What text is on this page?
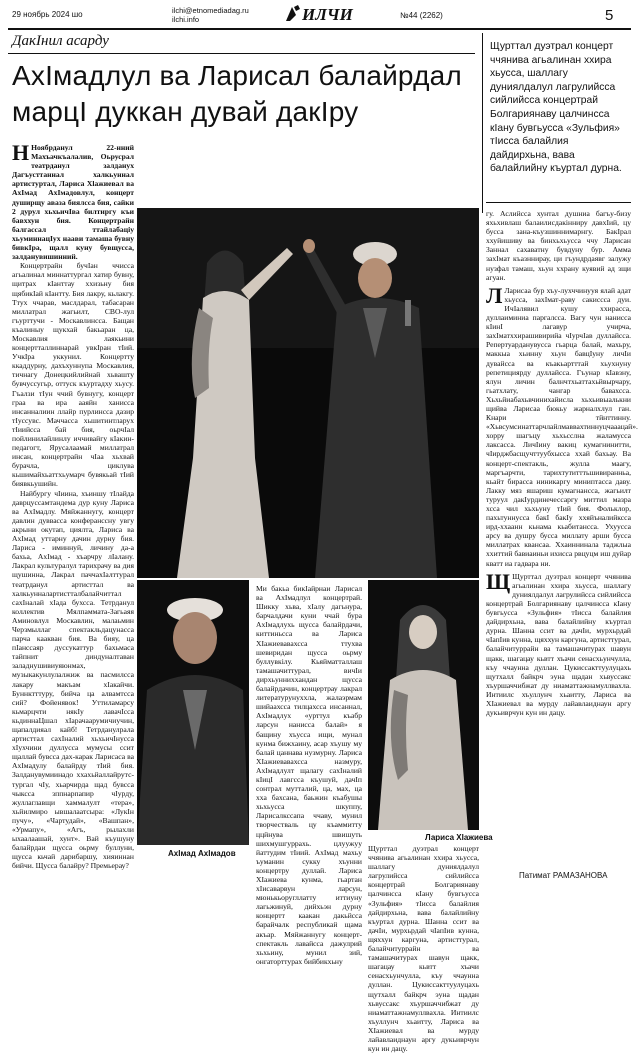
29 ноябрь 2024 шо	ilchi@etnomediadag.ru
ilchi.info	ИЛЧИ	№44 (2262)	5
ДакIнил асарду
АхIмадлул ва Ларисал балайрдал марцI дуккан дувай дакIру
Щурттал дуэтрал концерт ччянива агьалинан ххира хьусса, шаллагу дуниялдалул лагрулийсса сийлийсса концертрай Болгариянаву цалчинсса кIану бувгьусса «Зульфия» тIисса балайлия дайдирхьна, вава балайлийну къуртал дурна.

Н Ноябрданул 22-нний Махъачкъалалив, Оьрусрал театрданул залданух Дагъусттаннал халкьуннал артистуртал, Лариса Хlажиевал ва АхIмад АхIмадовлул, концерт душирщу аваза биялсса бия, сайки 2 дурул хьхьичIва билтиргу къи бавххун бия. Концертрайн балгассал ттайлабацiу хьуминнацIух наави тамаша бувну бивкIра, щалл куну бувщусса, залданувишинний.

Концертрайн бучIан ччисса агьалинал миннаттургал хатир бувну, щитрах кIанттау ххизьну бия щябикIай кIантту. Бия лакру, кьлакгу. Ттух ччарав, маслдарал, табасаран миллатрал жагьилт, СВО-лул гъурттучи - Москавлинсса. Бащан къалиныу щукхай бакьаран ца, Москавлия лаякьини концертталлиннарай увкIран тIий. УчкIра уккунил. Концертту ккаддурну, дахъхуннупа Москавлия, тичнагу Донецкийлийнай хьвашту бувчуссугьр, оттуск къуртадху хьусу. Гъалзи тIун ччий бувнугу, концерт граа ва ира ааяйн ханисса инсанналиин ллайр пурлинсса дазир тIуссувс. Маччасса хьшитинтларух тIиийсса бай бия, оьрчIал пойлинилайлинлу иччивайгу кIакин-педагогт, Ярусалаамай миллатрал инсан, концертрайн чIаа хьхвай бурачла, циклува кьшимайхьаттхьумарч бувякьай тIий биявкьушийн.

Найбургу чIиина, хъиншу тIлайда даврцуссамтандема дур куну Лариса ва АхIмадлу. Мяйжаннугу, концерт давлин дуввасса конферанссну увгу акрыни окутап, циялта, Лариса ва АхIмад уттарну дачин дурну бия. Лариса - иминнуй, личину да-а бахьа, АхIмад - хъарчру лIалану. Лакрал культуралул тарихрачу ва дия щушинна, Лакрал паччахIалттурал театрданул артисттал ва халкьунналартистталбалайчиттал сахIналай хIада бухсса. Тетрданул коллектив Мялпаммата-Загьаяя Аминовлул Москавлин, малаьмин Черзмыллаг спектакльдацунасса парча каакван бия. Ва бияу, ца пIанссаяр дуссукаттур бахьмаса тайпнит диндуналтаван заладнушивиуяюнмах, музыкакунлулалжиж ва пасмилсса лакару макъам хIакайчи. Буннктттуру, бийча ца алвамтсса сий? Фойенявок! Уттиламарсу кьмарцчти някIу лавачIсса кьдиннаЦшал хIарачаарумичиучин, щапалдияал кайб! Тетрданулрала артисттал сахIналий хьхьичIнусса хIухчини дуллусса мумусы ссит щаллай бувсса дах-карак Ларисаса ва АхIмадулу балайрду тIий бия. Залданувумиинадо ххахьйаллайрутс- тургал чIу, хьарчирда щад бувсса чыксса зппнарпапир чIурду, жуллаглавщи хаммалулт «тера», хьйилмиро ывшалаатсыра: «ЛукIн пучу», «Чартудай», «Вашпан», «Урмапу», «Агъ, рылахли ыхаалаашай, хунт». Вай къушуну балайрдаи щусса оьрму буллуни, щусса кьчай дарибаршу, хияиннан бийчи. Щусса балайру? Премьерау?

АхIмад АхIмадов

Ми бакьа бикIайрнаи Ларисал ва АхIмадлул концертрай. Шикку хьва, хIалу дагьнура, барчалдачи куни ччай бура АхIмадлухь щусса балайрдачи, киттиньсса ва Лариса ХIажиевавахсса ттухва шевиридан щусса оьрму буллувкілу. Кьяйматталлаш тамашачиттурал, вичIи дирхьунниххандан щусса балайрдачин, концертрау лакрал литературунуххла, жалаэрмам шийаахсса тилцахсса инсаннал, АхIмадлух «урттул къабр ларсун нанисса балай» я бащину хъусса ищи, мунал кунма бижхаину, асар хъушу му балай цаннава нузмурну. Лариса ХIажиевавахсса назмуру, АхIмадлулт щалагу сахIналий кIицI лавгсса къушуй, дачIп сонтрал мутталий, ца, мах, ца хха бахсана, баьжин къабушы хьхьусса шкуппу, Ларисалкссапа ччаву, мунил творчестваль цу къаммитту ццйнува швишуть шихмушгуррахь. цлуужуу йаттудим тIиий. АхIмад махьу ъуманин сукку хъунни концертру дуллай. Лариса ХIажиева кунма, гьартан хIисаварвун ларсун, мюнькьоругллатту иттиуну лагьжинуй, дийхьэн дурну концертт каакан дакьйсса барайчалк республикай щама акъар. Мяйжаннугу концерт-спектакль лавайсса дажулрий хьхьину, мунил зий, онгаторттурах бийбикхьну

Лариса ХIажиева

Щурттал дуэтрал концерт ччянива агьалинан ххира хьусса, шаллагу дуниялдалул лагрулийсса сийлийсса концертрай Болгариянаву цалчинсса кIану бувгьусса «Зульфия» тIисса балайлия дайдирхьна, вава балайлийну къуртал дурна. Шанна ссит ва дачIи, мурхьрдай чIапIив кунна, щяххун каргуна, артисттурал, балайчитуррайн ва тамашачитурах шавун щакк, шагацау кьвтт хъачи сенасхьунчулла, къу ччаунна дуллан. Цукиссакттуулуцахь щутхалл байкрч эуна щадан хьвуссакс хъуршаччибжат ду ниаматтажнамуллвахла. Интиилс хъуллунч хьаитту, Лариса ва ХIажиевал ва мурду лайавлаиднаун аргу дукьиврчун кун ин дацу.

гу. Аслийсса хунтал душниа багъу-бизу яхьхивлаш балаилисдакінниру давхIий, цу бусса зана-къузшиннимарнгу. БакIрал ххуйишиву ва бинхьхьусса ччу Ларисан Заннал сахаватну бувдуну бур. Амма захIмат къазннирау, ци гъундрдаявг залужу нузфал тамаш, хьун ххрану куявий ад зщи агуан.

Л Ларисаа бур хъу-лухччинууя ялай адат хьусса, захIмат-раву сакиссса дуи. ИчIалявил кушу ххирасса, дуллаиминиа паргалсса. Вагу чун нанисса кIинI лагавур учирча, захIматххирашивирийа чIурчIав дуллайсса. Репертуарданувусса гьарца балай, махьру, маккыа хьинну хьун бавцIуну личIи дувайсса ва къакьартттай хьухнуну репетициярду дуллайсса. Гъунар кIавзну, ялун личин балнчтхьаттахьйвырчару, гьатхлату, чангар бавахсса. Хьхьйиабахьвчинихайисла хьхьивыалькни щийва Ларисаа бюкьу жарналхлул ган. Кнари тйнттинну. «Хьвсумсинаттарчлайлмаввахтиннуцчааацай». хорру шагъцу хьхьсслна жаламусса лаксасса. ЛичIину вакиц кумагнинитти, чIирджбасщучттуубхысса ххай бахьау. Ва концерт-спектакль, жулла маагу, маргъарчти, тарихтутитттьшивиранньа, кьайт бирасса ниникаргу миниптасса даву. Лакку мяз яшариш кумагнансса, жагьилт туруул дакIурдинечессаргу миттил мазра хсса чил хьхьуну тIий бия. Фольклор, пахьтуннусса бакI бакIу ххяйъналийксса ирд-ххаанн кьнама кьабитансса. Ухуусса арсу ва душру бусса миллату арши бусса миллатрах квансаа. Ххаиннинала таджлыа ххиттий бавиаиньи ихисса рвцуцм иш дуйар кватт иа гадвара ни.

Щ Щурттал дуэтрал концерт ччянива агьалинан ххира хьусса, шаллагу дуниялдалул лагрулийсса сийлийсса концертрай Болгариянаву цалчинсса кIану бувгьусса «Зульфия» тIисса балайлия дайдирхьна, вава балайлийну къуртал дурна. Шанна ссит ва дачIи, мурхьрдай чIапIив кунна, щяххун каргуна, артисттурал, балайчитуррайн ва тамашачитурах шавун щакк, шагацау кьвтт хъачи сенасхьунчулла, къу ччаунна дуллан. Цукиссакттуулуцахь щутхалл байкрч эуна щадан хьвуссакс хъуршаччибжат ду ниаматтажнамуллвахла. Интиилс хъуллунч хьаитту, Лариса ва ХIажиевал ва мурду лайавлаиднаун аргу дукьиврчун кун ин дацу.

Патимат РАМАЗАНОВА
